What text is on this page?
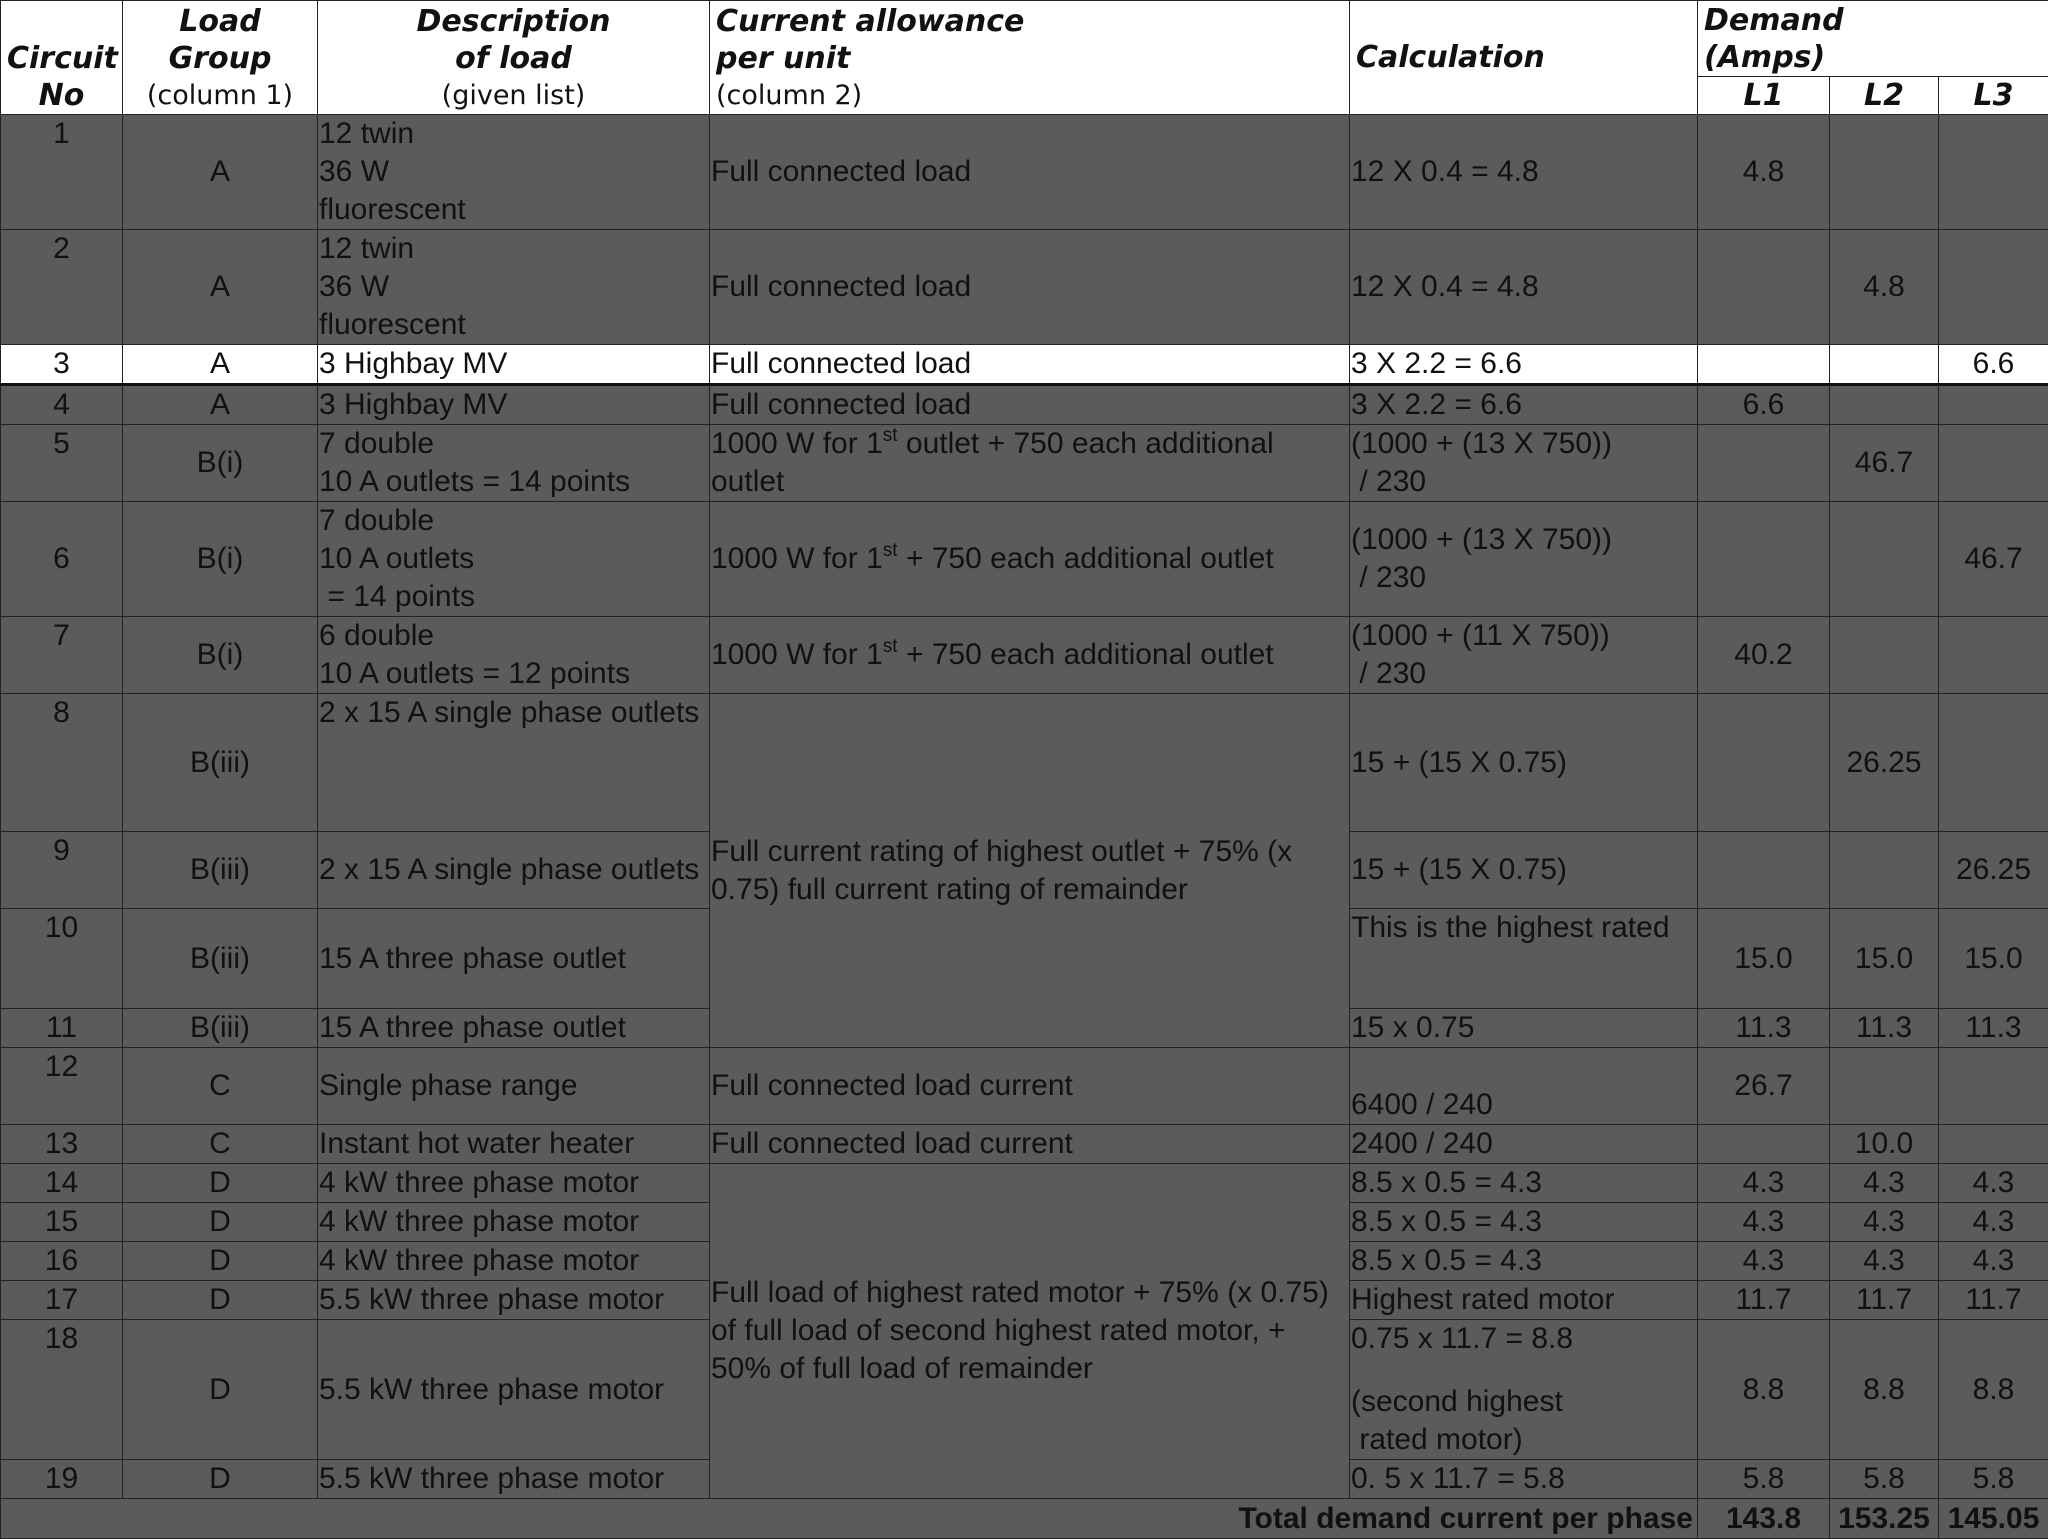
Circuit
No	Load Group
(column 1)	Description
of load
(given list)	Current allowance
per unit
(column 2)	Calculation	Demand
(Amps)		

					L1	L2	L3
1	A	12 twin
36 W
fluorescent	Full connected load	12 X 0.4 = 4.8	4.8		
2	A	12 twin
36 W
fluorescent	Full connected load	12 X 0.4 = 4.8		4.8	
3	A	3 Highbay MV	Full connected load	3 X 2.2 = 6.6			6.6
4	A	3 Highbay MV	Full connected load	3 X 2.2 = 6.6	6.6		
5	B(i)	7 double
10 A outlets = 14 points	1000 W for 1st outlet + 750 each additional outlet	(1000 + (13 X 750))
/ 230		46.7	
6	B(i)	7 double
10 A outlets
= 14 points	1000 W for 1st + 750 each additional outlet	(1000 + (13 X 750))
/ 230			46.7
7	B(i)	6 double
10 A outlets = 12 points	1000 W for 1st + 750 each additional outlet	(1000 + (11 X 750))
/ 230	40.2		
8	B(iii)	2 x 15 A single phase outlets	Full current rating of highest outlet + 75% (x 0.75) full current rating of remainder	15 + (15 X 0.75)		26.25	
9	B(iii)	2 x 15 A single phase outlets		15 + (15 X 0.75)			26.25
10	B(iii)	15 A three phase outlet		This is the highest rated	15.0	15.0	15.0
11	B(iii)	15 A three phase outlet		15 x 0.75	11.3	11.3	11.3
12	C	Single phase range	Full connected load current	6400 / 240	26.7		
13	C	Instant hot water heater	Full connected load current	2400 / 240		10.0	
14	D	4 kW three phase motor	Full load of highest rated motor + 75% (x 0.75) of full load of second highest rated motor, + 50% of full load of remainder	8.5 x 0.5 = 4.3	4.3	4.3	4.3
15	D	4 kW three phase motor		8.5 x 0.5 = 4.3	4.3	4.3	4.3
16	D	4 kW three phase motor		8.5 x 0.5 = 4.3	4.3	4.3	4.3
17	D	5.5 kW three phase motor		Highest rated motor	11.7	11.7	11.7
18	D	5.5 kW three phase motor		0.75 x 11.7 = 8.8
(second highest
rated motor)	8.8	8.8	8.8
19	D	5.5 kW three phase motor		0. 5 x 11.7 = 5.8	5.8	5.8	5.8
Total demand current per phase					143.8	153.25	145.05
